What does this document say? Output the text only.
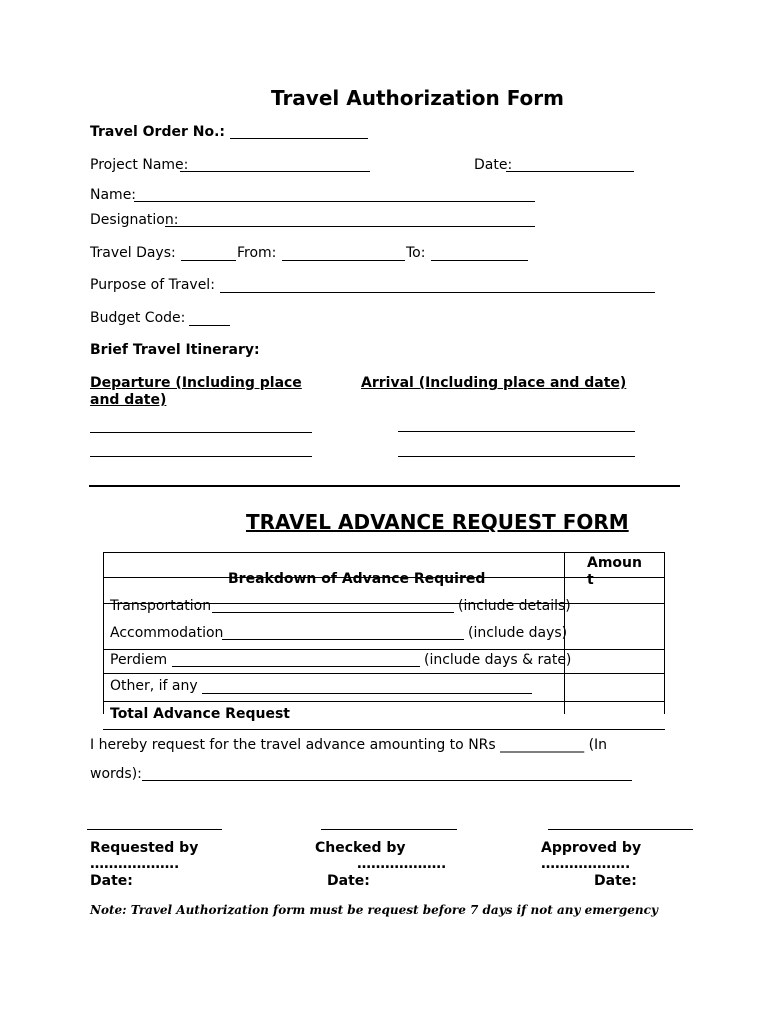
Travel Authorization Form
Travel Order No.:
Project Name:	Date:
Name:
Designation:
Travel Days:	From:	To:
Purpose of Travel:
Budget Code:
Brief Travel Itinerary:
Departure (Including place
and date)
Arrival (Including place and date)
TRAVEL ADVANCE REQUEST FORM
Breakdown of Advance Required
Amoun
t
Transportation	(include details)
Accommodation	(include days)
Perdiem	(include days & rate)
Other, if any
Total Advance Request
I hereby request for the travel advance amounting to NRs ____________ (In
words):
Requested by	Checked by	Approved by
……………….	……………….	……………….
Date:	Date:	Date:
Note: Travel Authorization form must be request before 7 days if not any emergency
